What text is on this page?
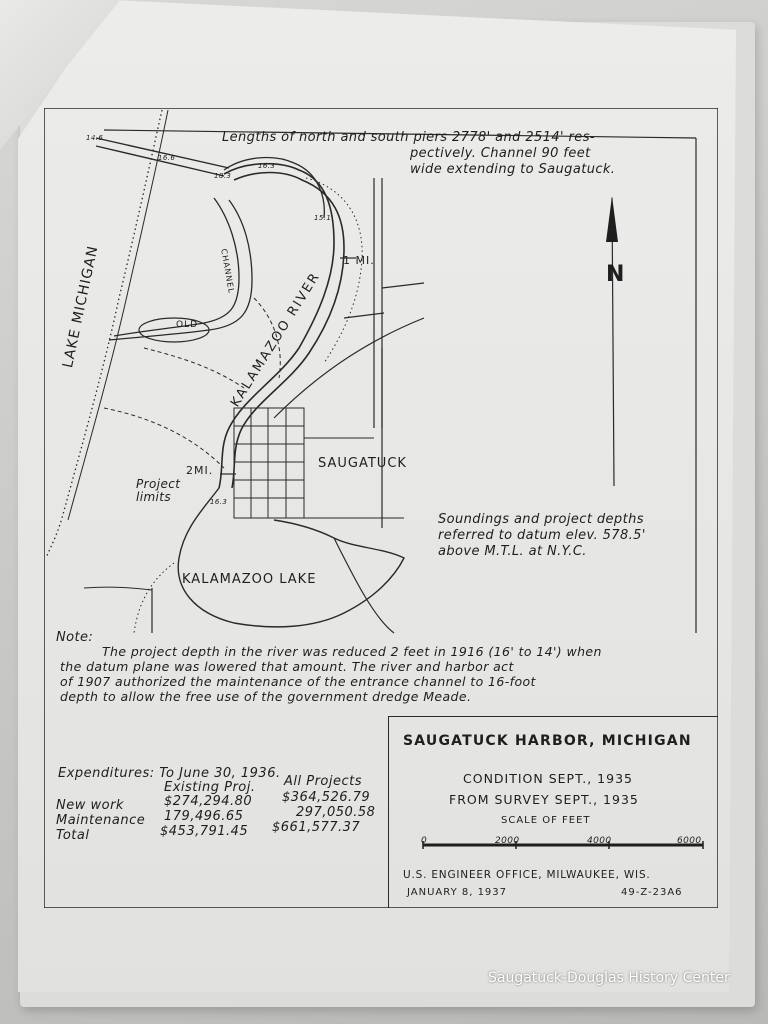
Lengths of north and south piers 2778' and 2514' res-
pectively. Channel 90 feet
wide extending to Saugatuck.
LAKE MICHIGAN	KALAMAZOO RIVER
OLD
CHANNEL
SAUGATUCK
KALAMAZOO LAKE
1 MI.
2MI.
Project
limits
N
14.6
16.6
18.3
16.3
15.1
16.3
Soundings and project depths
referred to datum elev. 578.5'
above M.T.L. at N.Y.C.
Note:
The project depth in the river was reduced 2 feet in 1916 (16' to 14') when
the datum plane was lowered that amount. The river and harbor act
of 1907 authorized the maintenance of the entrance channel to 16-foot
depth to allow the free use of the government dredge Meade.
Expenditures: To June 30, 1936.
Existing Proj. All Projects
New work	$274,294.80 $364,526.79
Maintenance 179,496.65	297,050.58
Total	$453,791.45 $661,577.37
SAUGATUCK HARBOR, MICHIGAN
CONDITION SEPT., 1935
FROM SURVEY SEPT., 1935
SCALE OF FEET
0	2000	4000	6000
U.S. ENGINEER OFFICE, MILWAUKEE, WIS.
JANUARY 8, 1937	49-Z-23A6
Saugatuck-Douglas History Center
